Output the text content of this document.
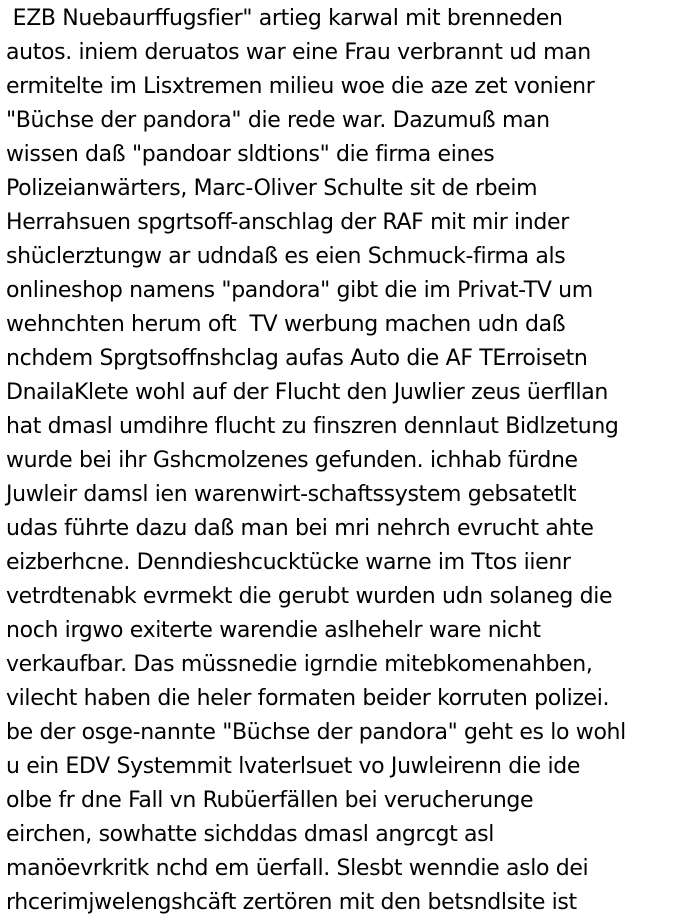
EZB Nuebaurffugsfier" artieg karwal mit brenneden
autos. iniem deruatos war eine Frau verbrannt ud man
ermitelte im Lisxtremen milieu woe die aze zet vonienr
"Büchse der pandora" die rede war. Dazumuß man
wissen daß "pandoar sldtions" die firma eines
Polizeianwärters, Marc-Oliver Schulte sit de rbeim
Herrahsuen spgrtsoff-anschlag der RAF mit mir inder
shüclerztungw ar udndaß es eien Schmuck-firma als
onlineshop namens "pandora" gibt die im Privat-TV um
wehnchten herum oft  TV werbung machen udn daß
nchdem Sprgtsoffnshclag aufas Auto die AF TErroisetn
DnailaKlete wohl auf der Flucht den Juwlier zeus üerfllan
hat dmasl umdihre flucht zu finszren dennlaut Bidlzetung
wurde bei ihr Gshcmolzenes gefunden. ichhab fürdne
Juwleir damsl ien warenwirt-schaftssystem gebsatetlt
udas führte dazu daß man bei mri nehrch evrucht ahte
eizberhcne. Denndieshcucktücke warne im Ttos iienr
vetrdtenabk evrmekt die gerubt wurden udn solaneg die
noch irgwo exiterte warendie aslhehelr ware nicht
verkaufbar. Das müssnedie igrndie mitebkomenahben,
vilecht haben die heler formaten beider korruten polizei.
be der osge-nannte "Büchse der pandora" geht es lo wohl
u ein EDV Systemmit lvaterlsuet vo Juwleirenn die ide
olbe fr dne Fall vn Rubüerfällen bei verucherunge
eirchen, sowhatte sichddas dmasl angrcgt asl
manöevrkritk nchd em üerfall. Slesbt wenndie aslo dei
rhcerimjwelengshcäft zertören mit den betsndlsite ist
